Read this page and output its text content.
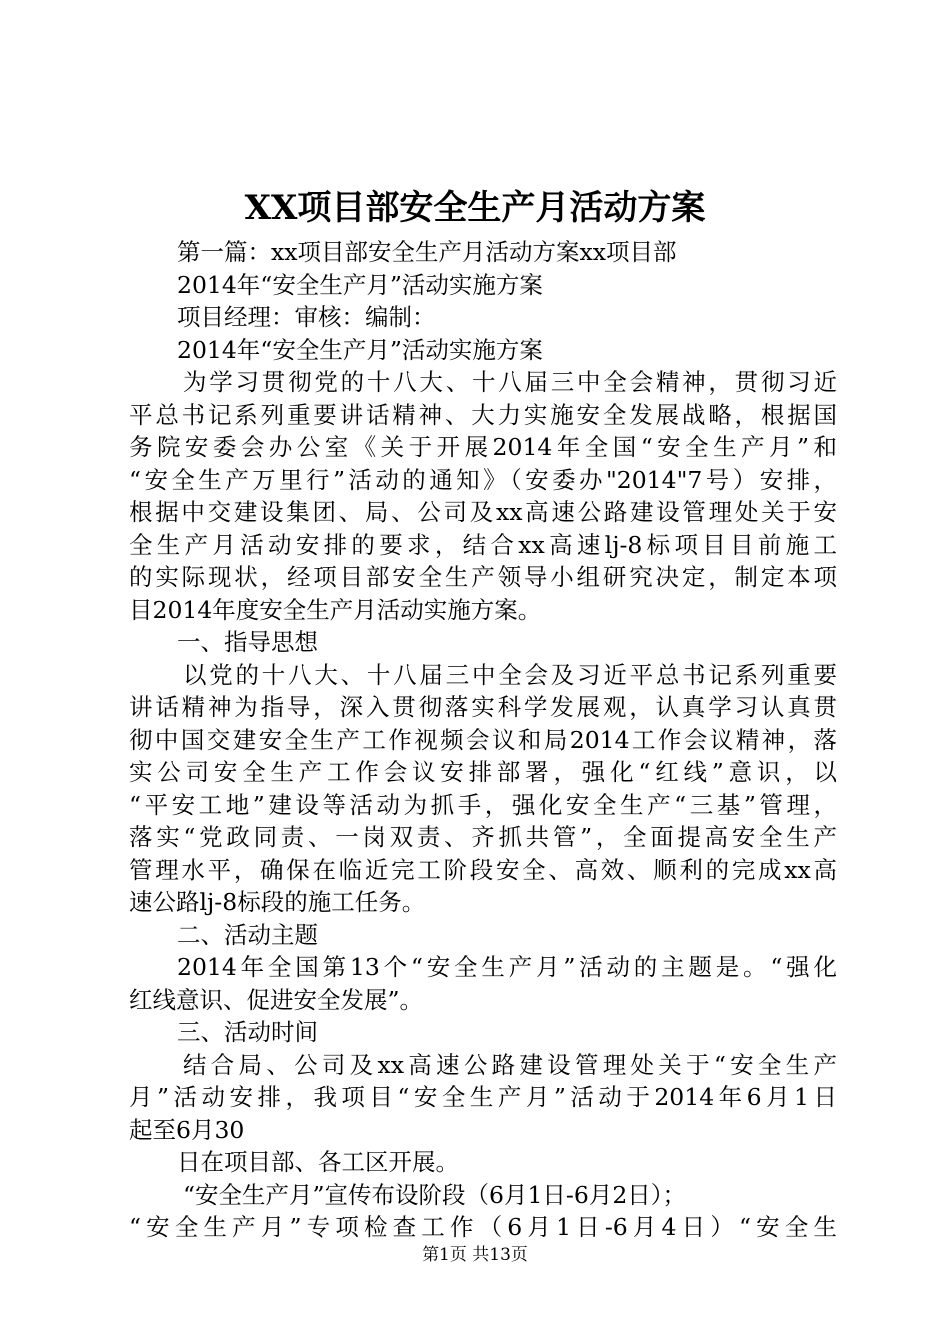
XX项目部安全生产月活动方案
第一篇：xx项目部安全生产月活动方案xx项目部
2014年“安全生产月”活动实施方案
项目经理：审核：编制：
2014年“安全生产月”活动实施方案
为学习贯彻党的十八大、十八届三中全会精神，贯彻习近
平总书记系列重要讲话精神、大力实施安全发展战略，根据国
务院安委会办公室《关于开展2014年全国“安全生产月”和
“安全生产万里行”活动的通知》（安委办"2014"7号）安排，
根据中交建设集团、局、公司及xx高速公路建设管理处关于安
全生产月活动安排的要求，结合xx高速lj-8标项目目前施工
的实际现状，经项目部安全生产领导小组研究决定，制定本项
目2014年度安全生产月活动实施方案。
一、指导思想
以党的十八大、十八届三中全会及习近平总书记系列重要
讲话精神为指导，深入贯彻落实科学发展观，认真学习认真贯
彻中国交建安全生产工作视频会议和局2014工作会议精神，落
实公司安全生产工作会议安排部署，强化“红线”意识，以
“平安工地”建设等活动为抓手，强化安全生产“三基”管理，
落实“党政同责、一岗双责、齐抓共管”，全面提高安全生产
管理水平，确保在临近完工阶段安全、高效、顺利的完成xx高
速公路lj-8标段的施工任务。
二、活动主题
2014年全国第13个“安全生产月”活动的主题是。“强化
红线意识、促进安全发展”。
三、活动时间
结合局、公司及xx高速公路建设管理处关于“安全生产
月”活动安排，我项目“安全生产月”活动于2014年6月1日
起至6月30
日在项目部、各工区开展。
“安全生产月”宣传布设阶段（6月1日-6月2日）；
“安全生产月”专项检查工作（6月1日-6月4日）“安全生
第1页 共13页
